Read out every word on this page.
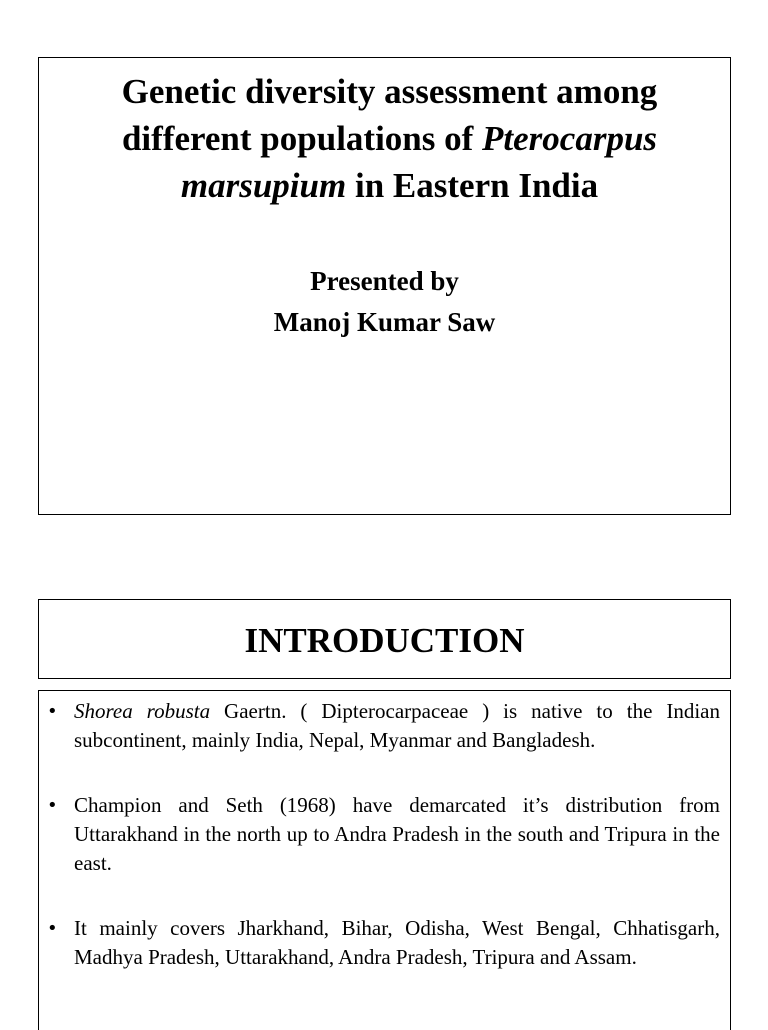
Genetic diversity assessment among different populations of Pterocarpus marsupium in Eastern India
Presented by
Manoj Kumar Saw
INTRODUCTION
• Shorea robusta Gaertn. ( Dipterocarpaceae ) is native to the Indian subcontinent, mainly India, Nepal, Myanmar and Bangladesh.
• Champion and Seth (1968) have demarcated it’s distribution from Uttarakhand in the north up to Andra Pradesh in the south and Tripura in the east.
• It mainly covers Jharkhand, Bihar, Odisha, West Bengal, Chhatisgarh, Madhya Pradesh, Uttarakhand, Andra Pradesh, Tripura and Assam.
